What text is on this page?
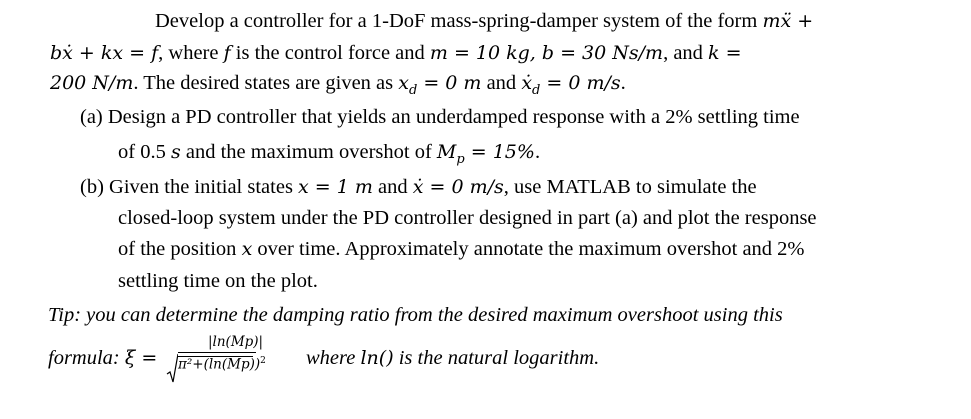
Develop a controller for a 1-DoF mass-spring-damper system of the form mẍ +
bẋ + kx = f, where f is the control force and m = 10 kg, b = 30 Ns/m, and k =
200 N/m. The desired states are given as $x_d = 0$ m and ẋ$_d$ = 0 m/s.
(a) Design a PD controller that yields an underdamped response with a 2% settling time
of 0.5 s and the maximum overshot of $M_p = 15\%$.
(b) Given the initial states x = 1 m and ẋ = 0 m/s, use MATLAB to simulate the
closed-loop system under the PD controller designed in part (a) and plot the response
of the position x over time. Approximately annotate the maximum overshot and 2%
settling time on the plot.
Tip: you can determine the damping ratio from the desired maximum overshoot using this
formula: ξ =
|ln(Mp)|
$\pi^2+(\ln(Mp))^2$ where ln() is the natural logarithm.
